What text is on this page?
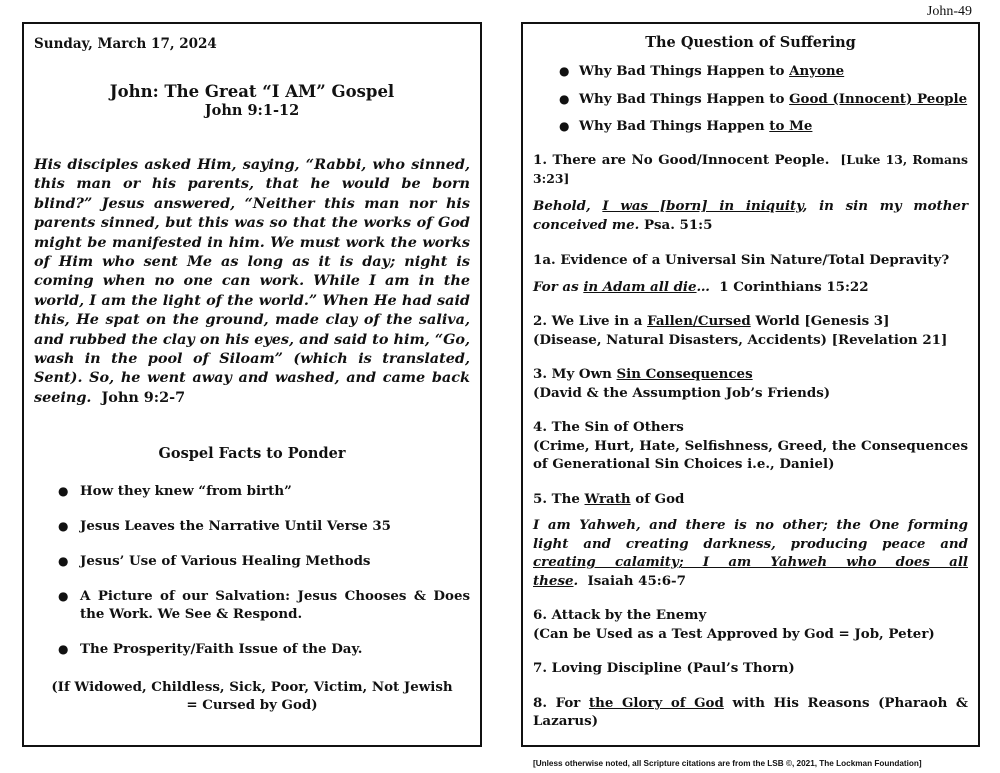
John-49
Sunday, March 17, 2024
John: The Great “I AM” Gospel
John 9:1-12
His disciples asked Him, saying, “Rabbi, who sinned, this man or his parents, that he would be born blind?” Jesus answered, “Neither this man nor his parents sinned, but this was so that the works of God might be manifested in him. We must work the works of Him who sent Me as long as it is day; night is coming when no one can work. While I am in the world, I am the light of the world.” When He had said this, He spat on the ground, made clay of the saliva, and rubbed the clay on his eyes, and said to him, “Go, wash in the pool of Siloam” (which is translated, Sent). So, he went away and washed, and came back seeing. John 9:2-7
Gospel Facts to Ponder
● How they knew “from birth”
● Jesus Leaves the Narrative Until Verse 35
● Jesus’ Use of Various Healing Methods
● A Picture of our Salvation: Jesus Chooses & Does the Work. We See & Respond.
● The Prosperity/Faith Issue of the Day.
(If Widowed, Childless, Sick, Poor, Victim, Not Jewish
= Cursed by God)
The Question of Suffering
● Why Bad Things Happen to Anyone
● Why Bad Things Happen to Good (Innocent) People
● Why Bad Things Happen to Me
1. There are No Good/Innocent People. [Luke 13, Romans 3:23]
Behold, I was [born] in iniquity, in sin my mother conceived me. Psa. 51:5
1a. Evidence of a Universal Sin Nature/Total Depravity?
For as in Adam all die… 1 Corinthians 15:22
2. We Live in a Fallen/Cursed World [Genesis 3]
(Disease, Natural Disasters, Accidents) [Revelation 21]
3. My Own Sin Consequences
(David & the Assumption Job’s Friends)
4. The Sin of Others
(Crime, Hurt, Hate, Selfishness, Greed, the Consequences of Generational Sin Choices i.e., Daniel)
5. The Wrath of God
I am Yahweh, and there is no other; the One forming light and creating darkness, producing peace and creating calamity; I am Yahweh who does all these. Isaiah 45:6-7
6. Attack by the Enemy
(Can be Used as a Test Approved by God = Job, Peter)
7. Loving Discipline (Paul’s Thorn)
8. For the Glory of God with His Reasons (Pharaoh & Lazarus)
[Unless otherwise noted, all Scripture citations are from the LSB ©, 2021, The Lockman Foundation]
